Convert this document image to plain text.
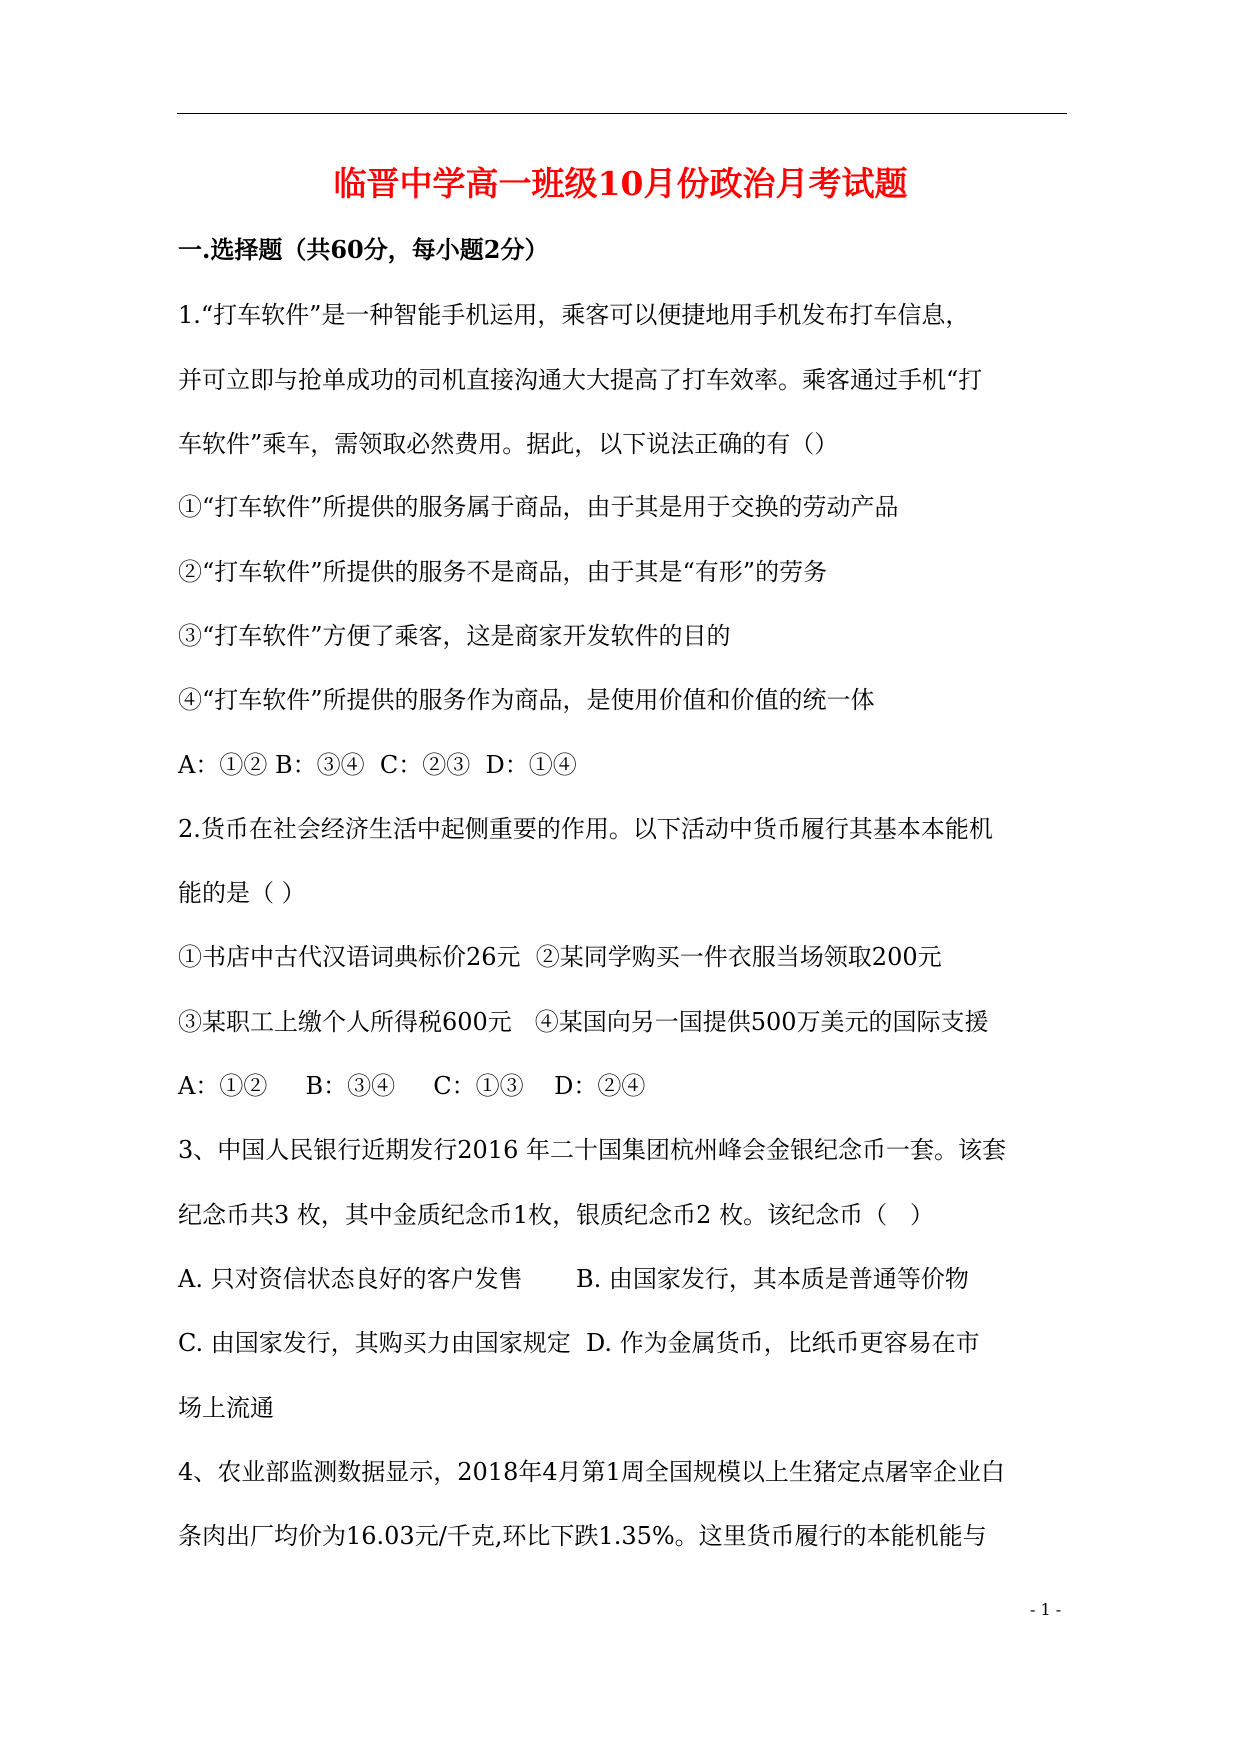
临晋中学高一班级10月份政治月考试题
一.选择题（共60分，每小题2分）
1.“打车软件”是一种智能手机运用，乘客可以便捷地用手机发布打车信息，
并可立即与抢单成功的司机直接沟通大大提高了打车效率。乘客通过手机“打
车软件”乘车，需领取必然费用。据此，以下说法正确的有（）
①“打车软件”所提供的服务属于商品，由于其是用于交换的劳动产品
②“打车软件”所提供的服务不是商品，由于其是“有形”的劳务
③“打车软件”方便了乘客，这是商家开发软件的目的
④“打车软件”所提供的服务作为商品，是使用价值和价值的统一体
A：①② B：③④  C：②③  D：①④
2.货币在社会经济生活中起侧重要的作用。以下活动中货币履行其基本本能机
能的是（ ）
①书店中古代汉语词典标价26元  ②某同学购买一件衣服当场领取200元
③某职工上缴个人所得税600元   ④某国向另一国提供500万美元的国际支援
A：①②     B：③④     C：①③    D：②④
3、中国人民银行近期发行2016 年二十国集团杭州峰会金银纪念币一套。该套
纪念币共3 枚，其中金质纪念币1枚，银质纪念币2 枚。该纪念币（   ）
A. 只对资信状态良好的客户发售       B. 由国家发行，其本质是普通等价物
C. 由国家发行，其购买力由国家规定  D. 作为金属货币，比纸币更容易在市
场上流通
4、农业部监测数据显示，2018年4月第1周全国规模以上生猪定点屠宰企业白
条肉出厂均价为16.03元/千克,环比下跌1.35%。这里货币履行的本能机能与
- 1 -
